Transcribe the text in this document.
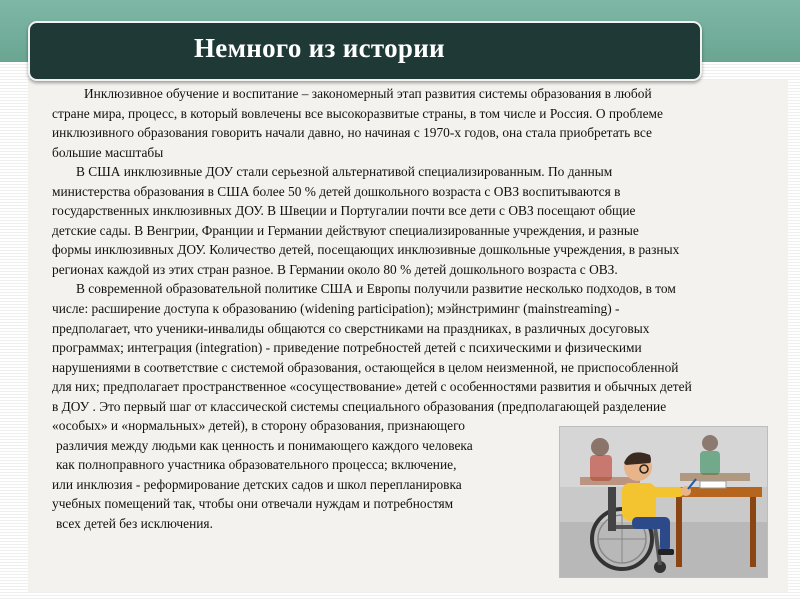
Немного из истории
Инклюзивное обучение и воспитание – закономерный этап развития системы образования в любой
стране мира, процесс, в который вовлечены все высокоразвитые страны, в том числе и Россия. О проблеме
инклюзивного образования говорить начали давно, но начиная с 1970-х годов, она стала приобретать все
большие масштабы
В США инклюзивные ДОУ стали серьезной альтернативой специализированным. По данным
министерства образования в США более 50 % детей дошкольного возраста с ОВЗ воспитываются в
государственных инклюзивных ДОУ. В Швеции и Португалии почти все дети с ОВЗ посещают общие
детские сады. В Венгрии, Франции и Германии действуют специализированные учреждения, и разные
формы инклюзивных ДОУ. Количество детей, посещающих инклюзивные дошкольные учреждения, в разных
регионах каждой из этих стран разное. В Германии около 80 % детей дошкольного возраста с ОВЗ.
В современной образовательной политике США и Европы получили развитие несколько подходов, в том
числе: расширение доступа к образованию (widening participation); мэйнстриминг (mainstreaming) -
предполагает, что ученики-инвалиды общаются со сверстниками на праздниках, в различных досуговых
программах; интеграция (integration) - приведение потребностей детей с психическими и физическими
нарушениями в соответствие с системой образования, остающейся в целом неизменной, не приспособленной
для них; предполагает пространственное «сосуществование» детей с особенностями развития и обычных детей
в ДОУ . Это первый шаг от классической системы специального образования (предполагающей разделение
«особых» и «нормальных» детей), в сторону образования, признающего
различия между людьми как ценность и понимающего каждого человека
как полноправного участника образовательного процесса; включение,
или инклюзия - реформирование детских садов и школ перепланировка
учебных помещений так, чтобы они отвечали нуждам и потребностям
всех детей без исключения.
